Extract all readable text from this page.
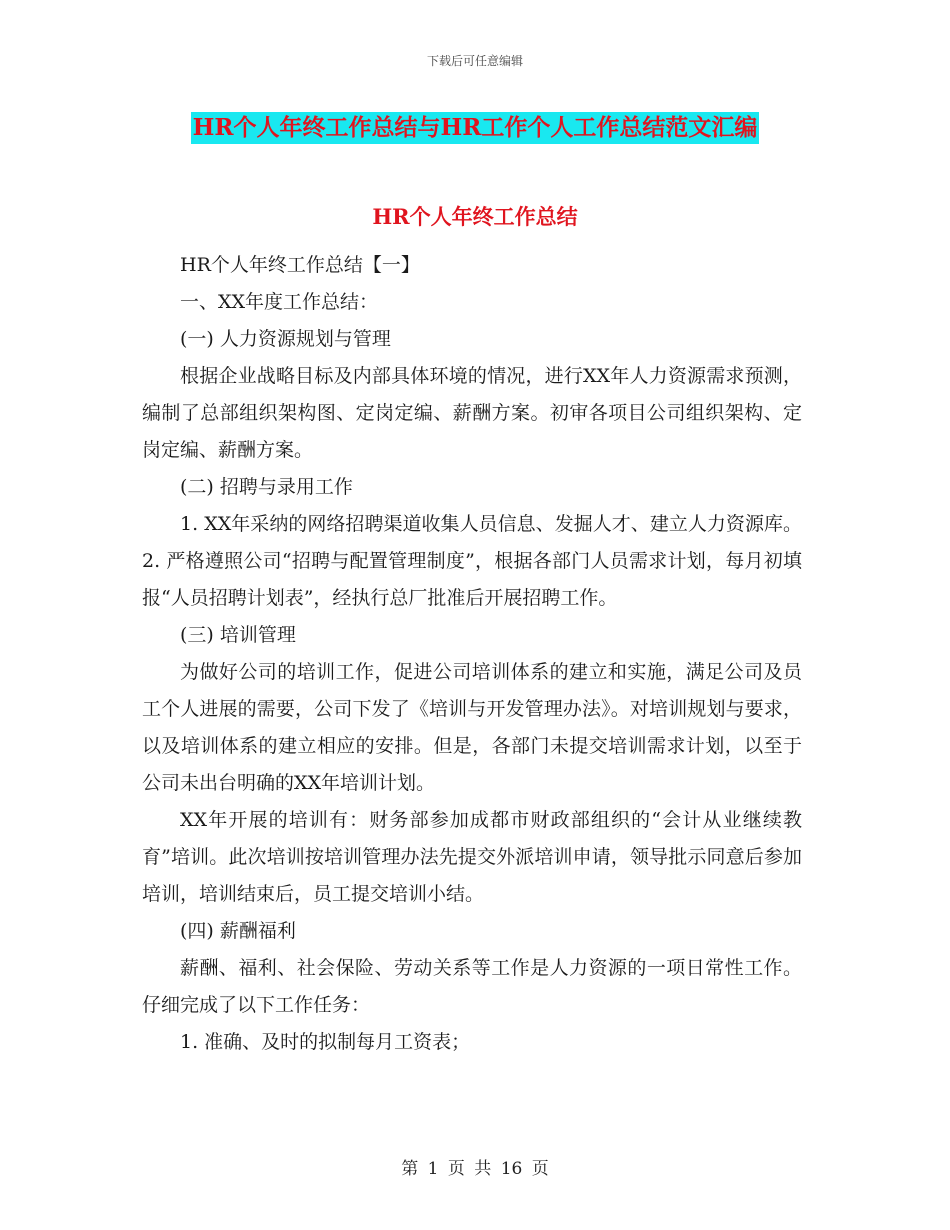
下载后可任意编辑
HR个人年终工作总结与HR工作个人工作总结范文汇编
HR个人年终工作总结

HR个人年终工作总结【一】

一、XX年度工作总结：

(一) 人力资源规划与管理

根据企业战略目标及内部具体环境的情况，进行XX年人力资源需求预测，编制了总部组织架构图、定岗定编、薪酬方案。初审各项目公司组织架构、定岗定编、薪酬方案。

(二) 招聘与录用工作

1. XX年采纳的网络招聘渠道收集人员信息、发掘人才、建立人力资源库。2. 严格遵照公司“招聘与配置管理制度”，根据各部门人员需求计划，每月初填报“人员招聘计划表”，经执行总厂批准后开展招聘工作。

(三) 培训管理

为做好公司的培训工作，促进公司培训体系的建立和实施，满足公司及员工个人进展的需要，公司下发了《培训与开发管理办法》。对培训规划与要求，以及培训体系的建立相应的安排。但是，各部门未提交培训需求计划，以至于公司未出台明确的XX年培训计划。

XX年开展的培训有：财务部参加成都市财政部组织的“会计从业继续教育”培训。此次培训按培训管理办法先提交外派培训申请，领导批示同意后参加培训，培训结束后，员工提交培训小结。

(四) 薪酬福利

薪酬、福利、社会保险、劳动关系等工作是人力资源的一项日常性工作。仔细完成了以下工作任务：

1. 准确、及时的拟制每月工资表；

第 1 页 共 16 页
